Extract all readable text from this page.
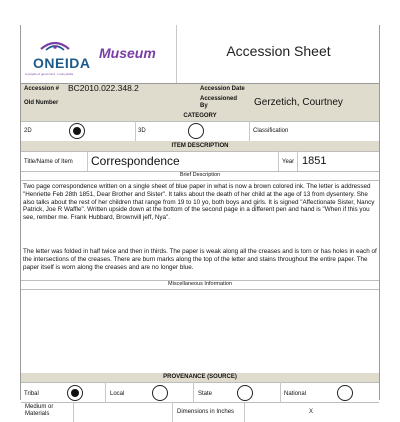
ONEIDA
A people of good mind · Loonyotoka
Museum	Accession Sheet
Accession # BC2010.022.348.2	Accession Date
Old Number
Accessioned By	Gerzetich, Courtney
CATEGORY
2D	3D	Classification
ITEM DESCRIPTION
Title/Name of Item Correspondence	Year 1851
Brief Description
Two page correspondence written on a single sheet of blue paper in what is now a brown colored ink. The letter is addressed "Henriette Feb 28th 1851, Dear Brother and Sister". It talks about the death of her child at the age of 13 from dysentery. She also talks about the rest of her children that range from 19 to 10 yo, both boys and girls. It is signed "Affectionate Sister, Nancy Patrick, Joe R Waffle". Written upside down at the bottom of the second page in a different pen and hand is "When if this you see, rember me. Frank Hubbard, Brownvill jeff, Nya".
The letter was folded in half twice and then in thirds. The paper is weak along all the creases and is torn or has holes in each of the intersections of the creases. There are burn marks along the top of the letter and stains throughout the entire paper. The paper itself is worn along the creases and are no longer blue.
Miscellaneous Information
PROVENANCE (SOURCE)
Tribal	Local	State	National
Medium or Materials	Dimensions in Inches	X
